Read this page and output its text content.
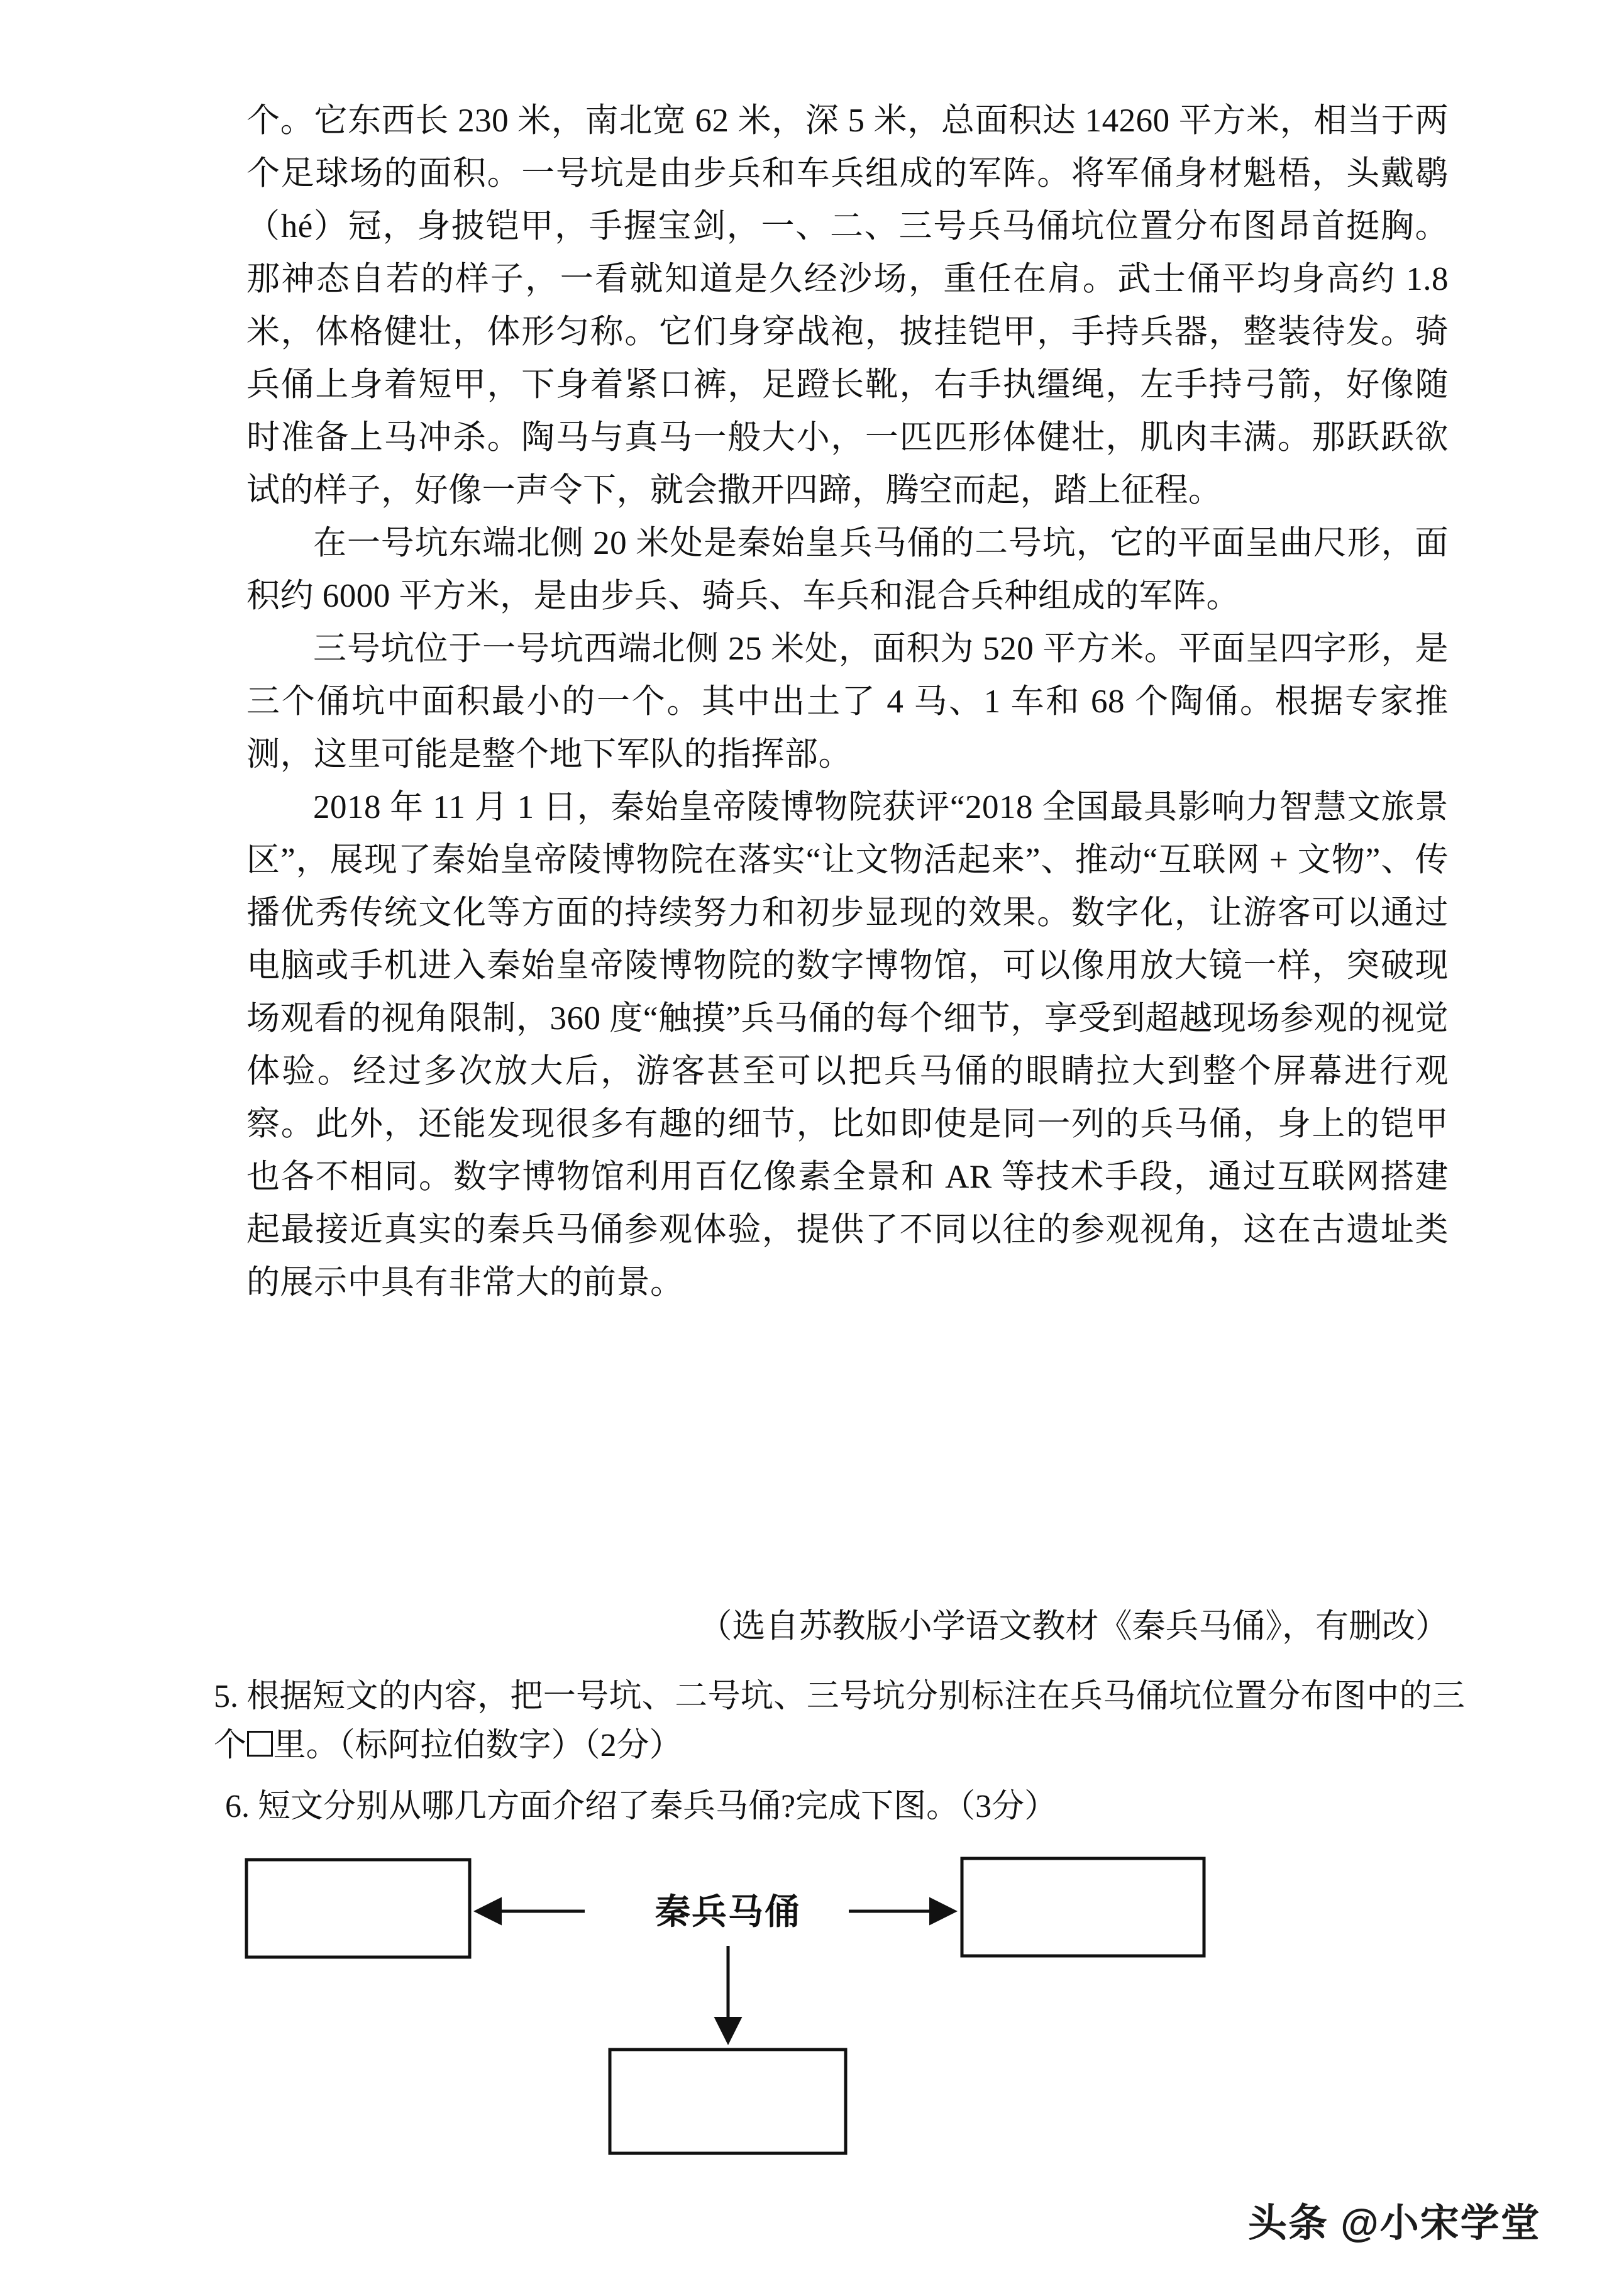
个。它东西长 230 米，南北宽 62 米，深 5 米，总面积达 14260 平方米，相当于两个足球场的面积。一号坑是由步兵和车兵组成的军阵。将军俑身材魁梧，头戴鹖（hé）冠，身披铠甲，手握宝剑，一、二、三号兵马俑坑位置分布图昂首挺胸。那神态自若的样子，一看就知道是久经沙场，重任在肩。武士俑平均身高约 1.8 米，体格健壮，体形匀称。它们身穿战袍，披挂铠甲，手持兵器，整装待发。骑兵俑上身着短甲，下身着紧口裤，足蹬长靴，右手执缰绳，左手持弓箭，好像随时准备上马冲杀。陶马与真马一般大小，一匹匹形体健壮，肌肉丰满。那跃跃欲试的样子，好像一声令下，就会撒开四蹄，腾空而起，踏上征程。

在一号坑东端北侧 20 米处是秦始皇兵马俑的二号坑，它的平面呈曲尺形，面积约 6000 平方米，是由步兵、骑兵、车兵和混合兵种组成的军阵。

三号坑位于一号坑西端北侧 25 米处，面积为 520 平方米。平面呈四字形，是三个俑坑中面积最小的一个。其中出土了 4 马、1 车和 68 个陶俑。根据专家推测，这里可能是整个地下军队的指挥部。

2018 年 11 月 1 日，秦始皇帝陵博物院获评“2018 全国最具影响力智慧文旅景区”，展现了秦始皇帝陵博物院在落实“让文物活起来”、推动“互联网 + 文物”、传播优秀传统文化等方面的持续努力和初步显现的效果。数字化，让游客可以通过电脑或手机进入秦始皇帝陵博物院的数字博物馆，可以像用放大镜一样，突破现场观看的视角限制，360 度“触摸”兵马俑的每个细节，享受到超越现场参观的视觉体验。经过多次放大后，游客甚至可以把兵马俑的眼睛拉大到整个屏幕进行观察。此外，还能发现很多有趣的细节，比如即使是同一列的兵马俑，身上的铠甲也各不相同。数字博物馆利用百亿像素全景和 AR 等技术手段，通过互联网搭建起最接近真实的秦兵马俑参观体验，提供了不同以往的参观视角，这在古遗址类的展示中具有非常大的前景。

（选自苏教版小学语文教材《秦兵马俑》，有删改）

5. 根据短文的内容，把一号坑、二号坑、三号坑分别标注在兵马俑坑位置分布图中的三个 里。（标阿拉伯数字）（2分）

6. 短文分别从哪几方面介绍了秦兵马俑?完成下图。（3分）

秦兵马俑
头条 @小宋学堂
